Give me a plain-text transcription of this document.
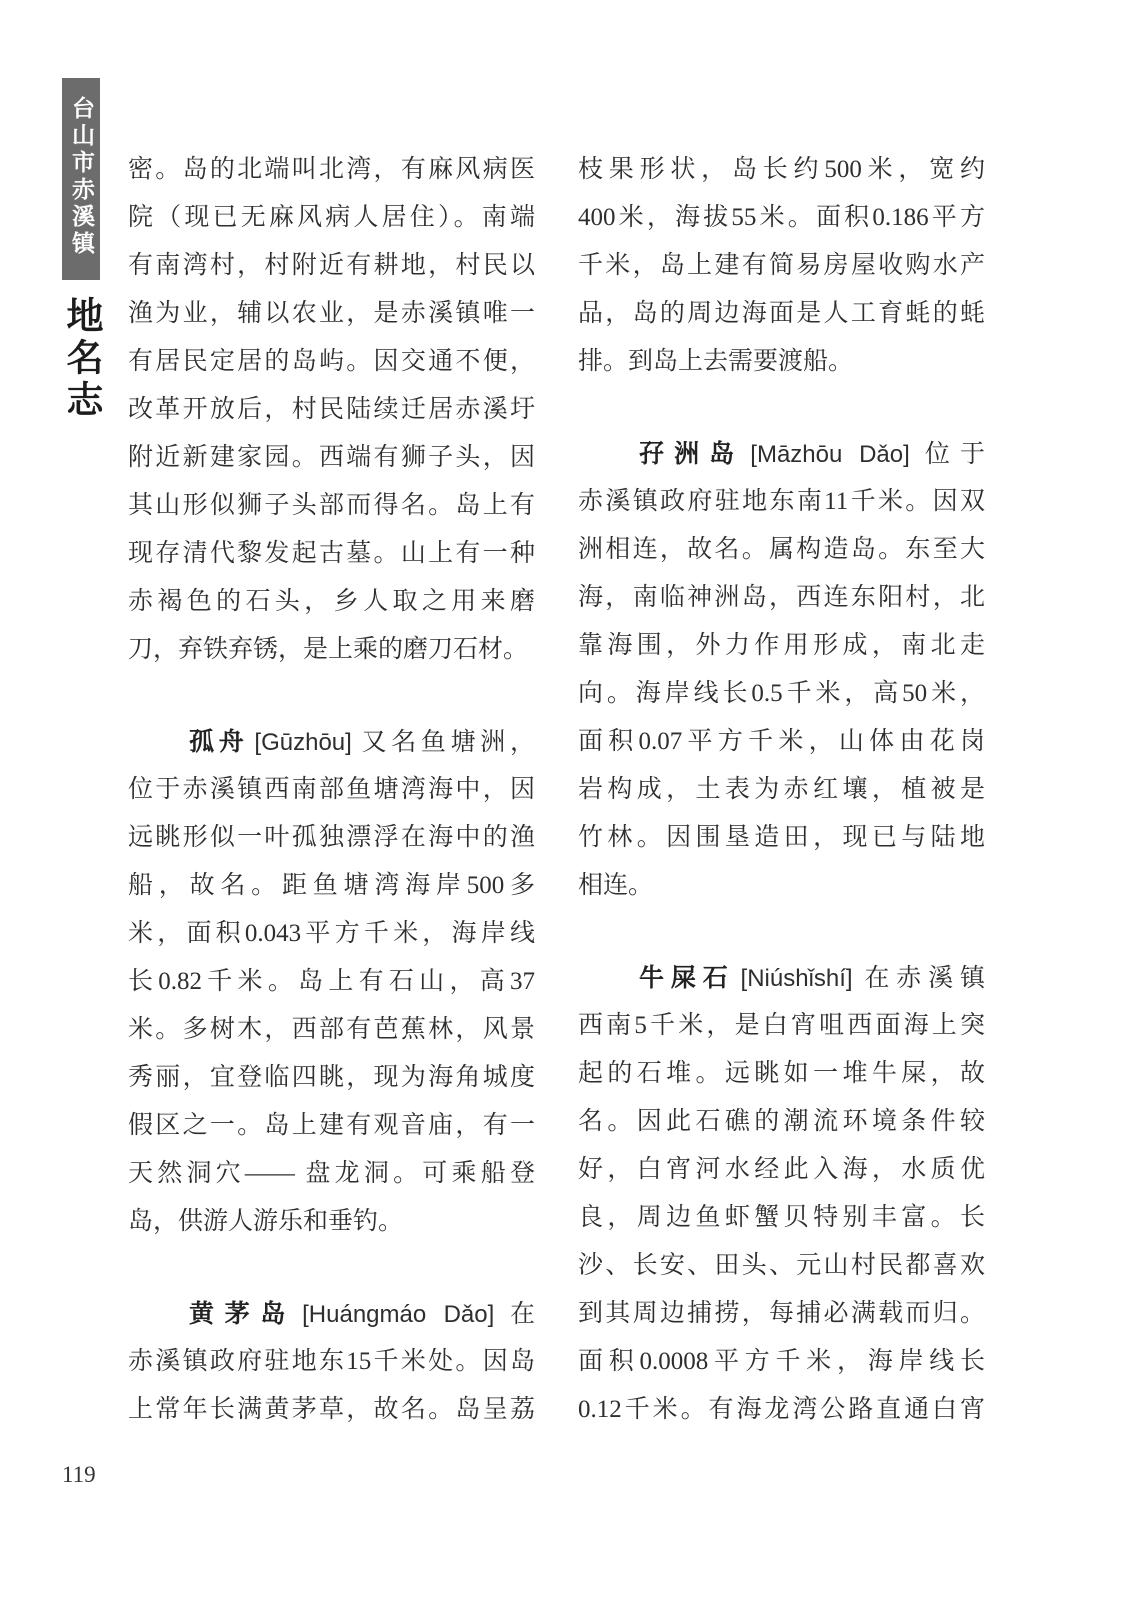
台山市赤溪镇
地名志
密。岛的北端叫北湾，有麻风病医
院（现已无麻风病人居住）。南端
有南湾村，村附近有耕地，村民以
渔为业，辅以农业，是赤溪镇唯一
有居民定居的岛屿。因交通不便，
改革开放后，村民陆续迁居赤溪圩
附近新建家园。西端有狮子头，因
其山形似狮子头部而得名。岛上有
现存清代黎发起古墓。山上有一种
赤褐色的石头，乡人取之用来磨
刀，弃铁弃锈，是上乘的磨刀石材。
孤舟 [Gūzhōu] 又名鱼塘洲，
位于赤溪镇西南部鱼塘湾海中，因
远眺形似一叶孤独漂浮在海中的渔
船，故名。距鱼塘湾海岸500多
米，面积0.043平方千米，海岸线
长0.82千米。岛上有石山，高37
米。多树木，西部有芭蕉林，风景
秀丽，宜登临四眺，现为海角城度
假区之一。岛上建有观音庙，有一
天然洞穴—— 盘龙洞。可乘船登
岛，供游人游乐和垂钓。
黄茅岛 [Huángmáo Dǎo] 在
赤溪镇政府驻地东15千米处。因岛
上常年长满黄茅草，故名。岛呈荔
枝果形状，岛长约500米，宽约
400米，海拔55米。面积0.186平方
千米，岛上建有简易房屋收购水产
品，岛的周边海面是人工育蚝的蚝
排。到岛上去需要渡船。
孖洲岛 [Māzhōu Dǎo] 位于
赤溪镇政府驻地东南11千米。因双
洲相连，故名。属构造岛。东至大
海，南临神洲岛，西连东阳村，北
靠海围，外力作用形成，南北走
向。海岸线长0.5千米，高50米，
面积0.07平方千米，山体由花岗
岩构成，土表为赤红壤，植被是
竹林。因围垦造田，现已与陆地
相连。
牛屎石 [Niúshǐshí] 在赤溪镇
西南5千米，是白宵咀西面海上突
起的石堆。远眺如一堆牛屎，故
名。因此石礁的潮流环境条件较
好，白宵河水经此入海，水质优
良，周边鱼虾蟹贝特别丰富。长
沙、长安、田头、元山村民都喜欢
到其周边捕捞，每捕必满载而归。
面积0.0008平方千米，海岸线长
0.12千米。有海龙湾公路直通白宵
119
